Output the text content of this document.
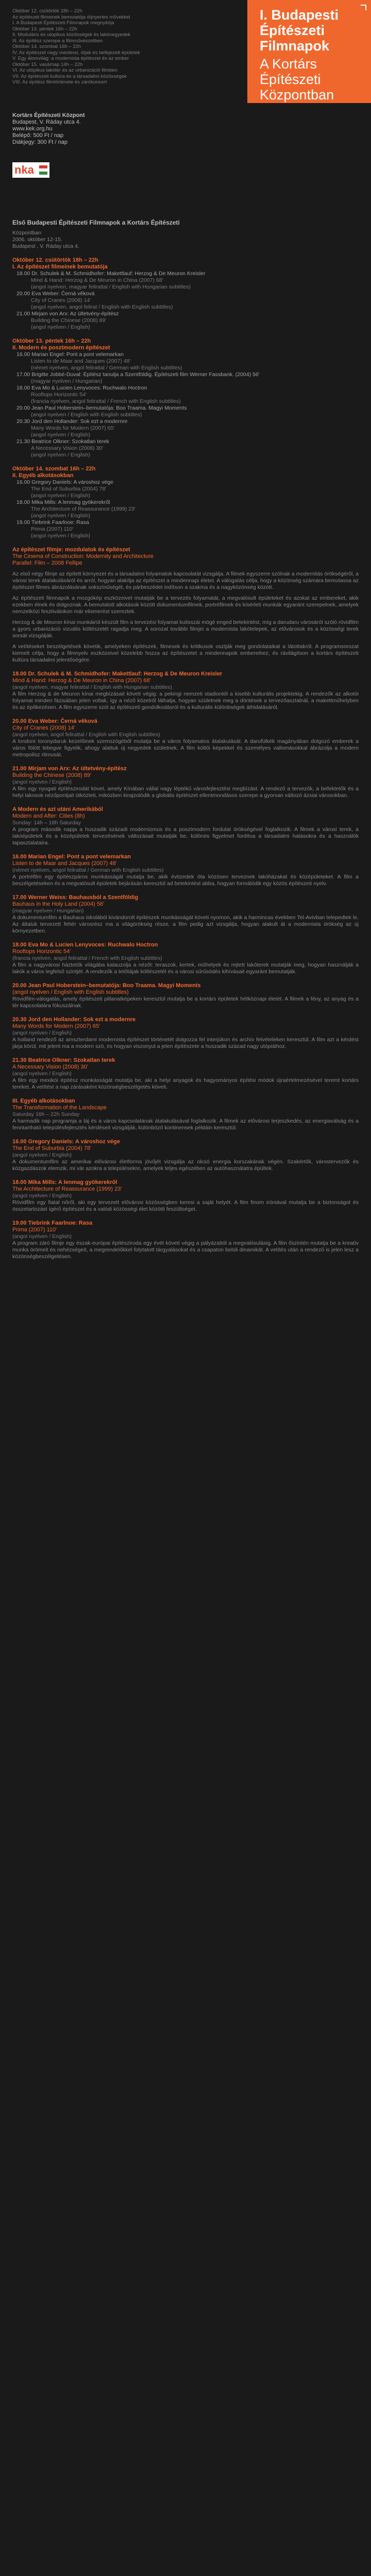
Október 12. csütörtök 18h – 22h
Az építészet filmeinek bemutatója díjnyertes művekkel
I. A Budapesti Építészeti Filmnapok megnyitója
Október 13. péntek 16h – 22h
II. Moduláris és utopikus közösségek és lakónegyedek
III. Az építész szerepe a filmművészetben
Október 14. szombat 16h – 22h
IV. Az építészet nagy mesterei, díjak és befejezett épületek
V. Egy álomvilág: a modernista építészet és az ember
Október 15. vasárnap 14h – 22h
VI. Az utópikus lakótér és az urbanizáció filmben
VII. Az építészeti kultúra és a társadalmi közösségek
VIII. Az építész filmtörténete és zárókoncert
I. Budapesti
Építészeti
Filmnapok
A Kortárs
Építészeti
Központban
Kortárs Építészeti Központ
Budapest, V. Ráday utca 4.
www.kek.org.hu
Belépő: 500 Ft / nap
Diákjegy: 300 Ft / nap
nka
Első Budapesti Építészeti Filmnapok a Kortárs Építészeti
Központban
2006. október 12-15.
Budapest , V. Ráday utca 4.
Október 12. csütörtök 18h – 22h
I. Az építészet filmeinek bemutatója
18.00 Dr. Schulek & M. Schmidhofer: Makettlauf: Herzog & De Meuron Kreisler
Mind & Hand: Herzog & De Meuron in China (2007) 68'
(angol nyelven, magyar felirattal / English with Hungarian subtitles)
20.00 Eva Weber: Černá věková
City of Cranes (2008) 14'
(angol nyelven, angol felirat / English with English subtitles)
21.00 Mirjam von Arx: Az ültetvény-építész
Building the Chinese (2008) 89'
(angol nyelven / English)
Október 13. péntek 16h – 22h
II. Modern és posztmodern építészet
16.00 Marian Engel: Pont a pont velemarkan
Listen to de Maar and Jacques (2007) 48'
(német nyelven, angol felirattal / German with English subtitles)
17.00 Brigitte Jobbé-Duval: Építész tanulja a Szentföldig. Építészeti film Werner Fassbank. (2004) 56'
(magyar nyelven / Hungarian)
18.00 Eva Mo & Lucien Lenyvoces: Ruchwalo Hoctron
Rooftops Horizontic 54'
(francia nyelven, angol felirattal / French with English subtitles)
20.00 Jean Paul Hoberstein–bemutatója: Boo Traama. Magyi Moments
(angol nyelven / English with English subtitles)
20.30 Jord den Hollander: Sok ezt a modernre
Many Words for Modern (2007) 65'
(angol nyelven / English)
21.30 Beatrice Olkner: Szokatlan terek
A Necessary Vision (2008) 30'
(angol nyelven / English)
Október 14. szombat 16h – 22h
II. Egyéb alkotásokban
16.00 Gregory Daniels: A városhoz vége
The End of Suburbia (2004) 78'
(angol nyelven / English)
18.00 Mika Mills: A lenmag gyökerekről
The Architecture of Reassurance (1999) 23'
(angol nyelven / English)
19.00 Tiebrink Faarlnoe: Rasa
Prima (2007) 110'
(angol nyelven / English)
Az építészet filmje: mozdulatok és építészet
The Cinema of Construction: Modernity and Architecture
Parallel: Film – 2008 Fellipe

Az első négy filmje az épített környezet és a társadalmi folyamatok kapcsolatát vizsgálja. A filmek egyszerre szólnak a modernitás örökségéről, a városi terek átalakulásáról és arról, hogyan alakítja az építészet a mindennapi életet. A válogatás célja, hogy a közönség számára bemutassa az építészet filmes ábrázolásának sokszínűségét, és párbeszédet indítson a szakma és a nagyközönség között.

Az építészeti filmnapok a mozgókép eszközeivel mutatják be a tervezés folyamatát, a megvalósult épületeket és azokat az embereket, akik ezekben élnek és dolgoznak. A bemutatott alkotások között dokumentumfilmek, portréfilmek és kísérleti munkák egyaránt szerepelnek, amelyek nemzetközi fesztiválokon már elismerést szereztek.

Herzog & de Meuron kínai munkáiról készült film a tervezési folyamat kulisszái mögé enged betekintést, míg a darudaru városáról szóló rövidfilm a gyors urbanizáció vizuális költészetét ragadja meg. A sorozat további filmjei a modernista lakótelepek, az elővárosok és a közösségi terek sorsát vizsgálják.

A vetítéseket beszélgetések követik, amelyeken építészek, filmesek és kritikusok osztják meg gondolataikat a látottakról. A programsorozat kiemelt célja, hogy a filmnyelv eszközeivel közelebb hozza az építészetet a mindennapok embereihez, és rávilágítson a kortárs építészeti kultúra társadalmi jelentőségére.

18.00 Dr. Schulek & M. Schmidhofer: Makettlauf: Herzog & De Meuron Kreisler
Mind & Hand: Herzog & De Meuron in China (2007) 68'
(angol nyelven, magyar felirattal / English with Hungarian subtitles)

A film Herzog & de Meuron kínai megbízásait követi végig: a pekingi nemzeti stadiontól a kisebb kulturális projektekig. A rendezők az alkotói folyamat minden fázisában jelen voltak, így a néző közelről láthatja, hogyan születnek meg a döntések a tervezőasztalnál, a makettműhelyben és az építkezésen. A film egyszerre szól az építészeti gondolkodásról és a kulturális különbségek áthidalásáról.

20.00 Eva Weber: Černá věková
City of Cranes (2008) 14'
(angol nyelven, angol felirattal / English with English subtitles)

A londoni toronydaruk kezelőinek szemszögéből mutatja be a város folyamatos átalakulását. A darufülkék magányában dolgozó emberek a város fölött lebegve figyelik, ahogy alattuk új negyedek születnek. A film költői képekkel és személyes vallomásokkal ábrázolja a modern metropolisz ritmusát.

21.00 Mirjam von Arx: Az ültetvény-építész
Building the Chinese (2008) 89'
(angol nyelven / English)

A film egy nyugati építészirodát követ, amely Kínában vállal nagy léptékű városfejlesztési megbízást. A rendező a tervezők, a befektetők és a helyi lakosok nézőpontjait ütközteti, miközben kirajzolódik a globális építészet ellentmondásos szerepe a gyorsan változó ázsiai városokban.

A Modern és azt utáni Amerikából
Modern and After: Cities (8h)
Sunday: 14h – 18h Saturday

A program második napja a huszadik századi modernizmus és a posztmodern fordulat örökségével foglalkozik. A filmek a városi terek, a lakóépületek és a középületek tervezésének változásait mutatják be, különös figyelmet fordítva a társadalmi hatásokra és a használók tapasztalataira.

16.00 Marian Engel: Pont a pont velemarkan
Listen to de Maar and Jacques (2007) 48'
(német nyelven, angol felirattal / German with English subtitles)

A portréfilm egy építészpáros munkásságát mutatja be, akik évtizedek óta közösen terveznek lakóházakat és középületeket. A film a beszélgetéseken és a megvalósult épületek bejárásán keresztül ad betekintést abba, hogyan formálódik egy közös építészeti nyelv.

17.00 Werner Weiss: Bauhausból a Szentföldig
Bauhaus in the Holy Land (2004) 56'
(magyar nyelven / Hungarian)

A dokumentumfilm a Bauhaus iskolából kivándorolt építészek munkásságát követi nyomon, akik a harmincas években Tel-Avivban telepedtek le. Az általuk tervezett fehér városrész ma a világörökség része, a film pedig azt vizsgálja, hogyan alakult át a modernista örökség az új környezetben.

18.00 Eva Mo & Lucien Lenyvoces: Ruchwalo Hoctron
Rooftops Horizontic 54'
(francia nyelven, angol felirattal / French with English subtitles)

A film a nagyvárosi háztetők világába kalauzolja a nézőt: teraszok, kertek, műhelyek és rejtett lakóterek mutatják meg, hogyan használják a lakók a város legfelső szintjét. A rendezők a tetőtájak költészetét és a városi sűrűsödés kihívásait egyaránt bemutatják.

20.00 Jean Paul Hoberstein–bemutatója: Boo Traama. Magyi Moments
(angol nyelven / English with English subtitles)

Rövidfilm-válogatás, amely építészeti pillanatképeken keresztül mutatja be a kortárs épületek hétköznapi életét. A filmek a fény, az anyag és a tér kapcsolatára fókuszálnak.

20.30 Jord den Hollander: Sok ezt a modernre
Many Words for Modern (2007) 65'
(angol nyelven / English)

A holland rendező az amszterdami modernista építészet történetét dolgozza fel interjúkon és archív felvételeken keresztül. A film azt a kérdést járja körül, mit jelent ma a modern szó, és hogyan viszonyul a jelen építészete a huszadik század nagy utópiáihoz.

21.30 Beatrice Olkner: Szokatlan terek
A Necessary Vision (2008) 30'
(angol nyelven / English)

A film egy mexikói építész munkásságát mutatja be, aki a helyi anyagok és hagyományos építési módok újraértelmezésével teremt kortárs tereket. A vetítést a nap zárásaként közönségbeszélgetés követi.

III. Egyéb alkotásokban
The Transformation of the Landscape
Saturday 16h – 22h Sunday

A harmadik nap programja a táj és a város kapcsolatának átalakulásával foglalkozik. A filmek az elővárosi terjeszkedés, az energiaválság és a fenntartható településfejlesztés kérdéseit vizsgálják, különböző kontinensek példáin keresztül.

16.00 Gregory Daniels: A városhoz vége
The End of Suburbia (2004) 78'
(angol nyelven / English)

A dokumentumfilm az amerikai elővárosi életforma jövőjét vizsgálja az olcsó energia korszakának végén. Szakértők, várostervezők és közgazdászok elemzik, mi vár azokra a településekre, amelyek teljes egészében az autóhasználatra épültek.

18.00 Mika Mills: A lenmag gyökerekről
The Architecture of Reassurance (1999) 23'
(angol nyelven / English)

Rövidfilm egy fiatal nőről, aki egy tervezett elővárosi közösségben keresi a saját helyét. A film finom iróniával mutatja be a biztonságot és összetartozást ígérő építészet és a valódi közösségi élet közötti feszültséget.

19.00 Tiebrink Faarlnoe: Rasa
Prima (2007) 110'
(angol nyelven / English)

A program záró filmje egy észak-európai építésziroda egy évét követi végig a pályázattól a megvalósulásig. A film őszintén mutatja be a kreatív munka örömeit és nehézségeit, a megrendelőkkel folytatott tárgyalásokat és a csapaton belüli dinamikát. A vetítés után a rendező is jelen lesz a közönségbeszélgetésen.
